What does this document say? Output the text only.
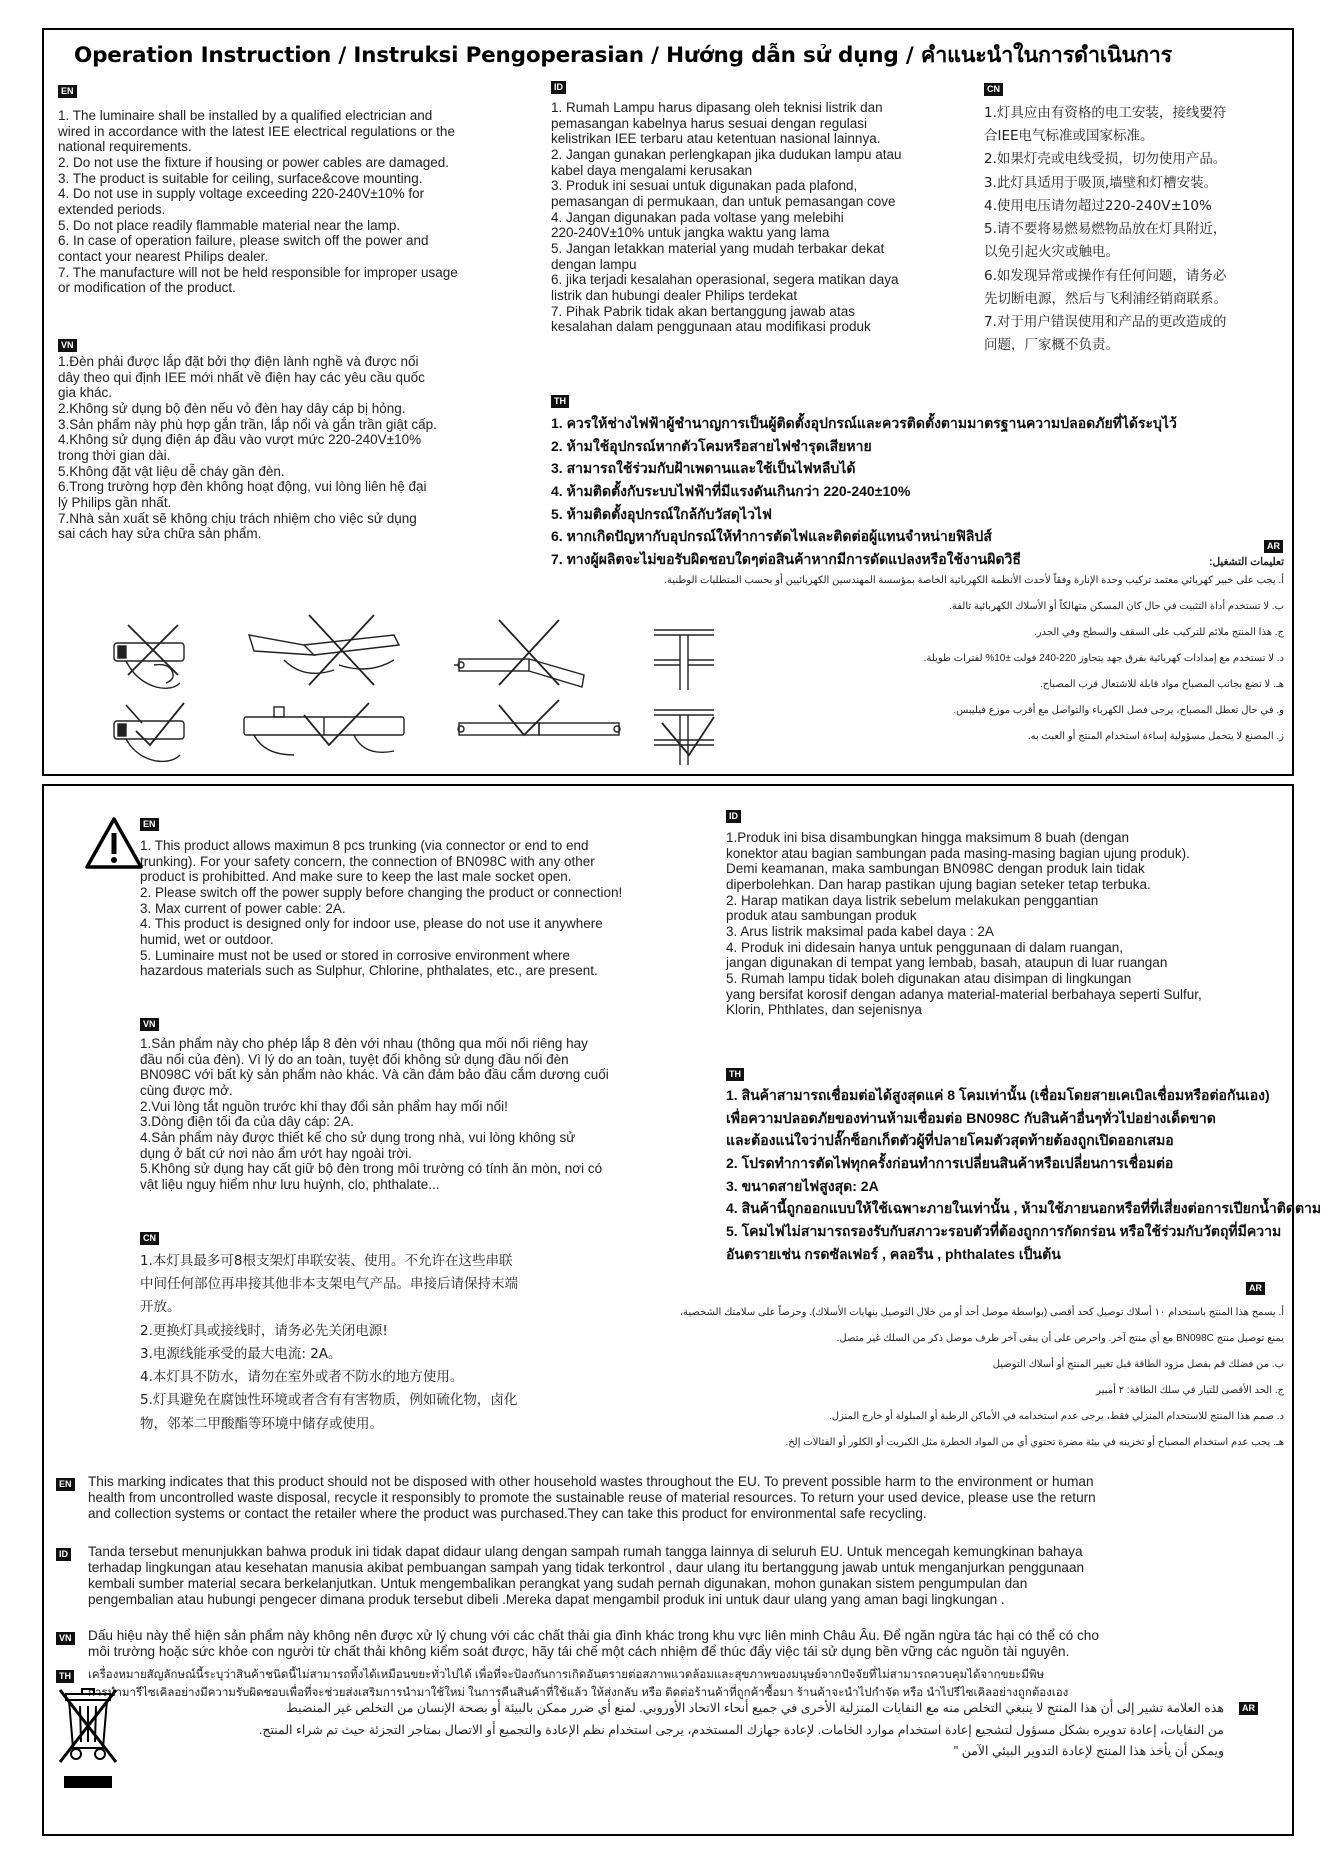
Operation Instruction / Instruksi Pengoperasian / Hướng dẫn sử dụng / คำแนะนำในการดำเนินการ
EN

1. The luminaire shall be installed by a qualified electrician and

wired in accordance with the latest IEE electrical regulations or the

national requirements.

2. Do not use the fixture if housing or power cables are damaged.

3. The product is suitable for ceiling, surface&cove mounting.

4. Do not use in supply voltage exceeding 220-240V±10% for

extended periods.

5. Do not place readily flammable material near the lamp.

6. In case of operation failure, please switch off the power and

contact your nearest Philips dealer.

7. The manufacture will not be held responsible for improper usage

or modification of the product.

VN

1.Đèn phải được lắp đặt bởi thợ điện lành nghề và được nối

dây theo qui định IEE mới nhất về điện hay các yêu cầu quốc

gia khác.

2.Không sử dụng bộ đèn nếu vỏ đèn hay dây cáp bị hỏng.

3.Sản phẩm này phù hợp gắn trần, lắp nổi và gắn trần giật cấp.

4.Không sử dụng điện áp đầu vào vượt mức 220-240V±10%

trong thời gian dài.

5.Không đặt vật liệu dễ cháy gần đèn.

6.Trong trường hợp đèn không hoạt động, vui lòng liên hệ đại

lý Philips gần nhất.

7.Nhà sản xuất sẽ không chịu trách nhiệm cho việc sử dụng

sai cách hay sửa chữa sản phẩm.

ID

1. Rumah Lampu harus dipasang oleh teknisi listrik dan

pemasangan kabelnya harus sesuai dengan regulasi

kelistrikan IEE terbaru atau ketentuan nasional lainnya.

2. Jangan gunakan perlengkapan jika dudukan lampu atau

kabel daya mengalami kerusakan

3. Produk ini sesuai untuk digunakan pada plafond,

pemasangan di permukaan, dan untuk pemasangan cove

4. Jangan digunakan pada voltase yang melebihi

220-240V±10% untuk jangka waktu yang lama

5. Jangan letakkan material yang mudah terbakar dekat

dengan lampu

6. jika terjadi kesalahan operasional, segera matikan daya

listrik dan hubungi dealer Philips terdekat

7. Pihak Pabrik tidak akan bertanggung jawab atas

kesalahan dalam penggunaan atau modifikasi produk

CN

1.灯具应由有资格的电工安装，接线要符

合IEE电气标准或国家标准。

2.如果灯壳或电线受损，切勿使用产品。

3.此灯具适用于吸顶,墙壁和灯槽安装。

4.使用电压请勿超过220-240V±10%

5.请不要将易燃易燃物品放在灯具附近，

以免引起火灾或触电。

6.如发现异常或操作有任何问题，请务必

先切断电源，然后与飞利浦经销商联系。

7.对于用户错误使用和产品的更改造成的

问题，厂家概不负责。

TH

1. ควรให้ช่างไฟฟ้าผู้ชำนาญการเป็นผู้ติดตั้งอุปกรณ์และควรติดตั้งตามมาตรฐานความปลอดภัยที่ได้ระบุไว้

2. ห้ามใช้อุปกรณ์หากตัวโคมหรือสายไฟชำรุดเสียหาย

3. สามารถใช้ร่วมกับฝ้าเพดานและใช้เป็นไฟหลืบได้

4. ห้ามติดตั้งกับระบบไฟฟ้าที่มีแรงดันเกินกว่า 220-240±10%

5. ห้ามติดตั้งอุปกรณ์ใกล้กับวัสดุไวไฟ

6. หากเกิดปัญหากับอุปกรณ์ให้ทำการตัดไฟและติดต่อผู้แทนจำหน่ายฟิลิปส์

7. ทางผู้ผลิตจะไม่ขอรับผิดชอบใดๆต่อสินค้าหากมีการดัดแปลงหรือใช้งานผิดวิธี

AR
تعليمات التشغيل:

أ. يجب على خبير كهربائي معتمد تركيب وحدة الإنارة وفقاً لأحدث الأنظمة الكهربائية الخاصة بمؤسسة المهندسين الكهربائيين أو بحسب المتطلبات الوطنية.

ب. لا تستخدم أداة التثبيت في حال كان المسكن متهالكاً أو الأسلاك الكهربائية تالفة.

ج. هذا المنتج ملائم للتركيب على السقف والسطح وفي الجدر.

د. لا تستخدم مع إمدادات كهربائية بفرق جهد يتجاوز 220-240 فولت ±10% لفترات طويلة.

هـ. لا تضع بجانب المصباح مواد قابلة للاشتعال قرب المصباح.

و. في حال تعطل المصباح، يرجى فصل الكهرباء والتواصل مع أقرب موزع فيليبس.

ز. المصنع لا يتحمل مسؤولية إساءة استخدام المنتج أو العبث به.

EN

1. This product allows maximun 8 pcs trunking (via connector or end to end

trunking). For your safety concern, the connection of BN098C with any other

product is prohibitted. And make sure to keep the last male socket open.

2. Please switch off the power supply before changing the product or connection!

3. Max current of power cable: 2A.

4. This product is designed only for indoor use, please do not use it anywhere

humid, wet or outdoor.

5. Luminaire must not be used or stored in corrosive environment where

hazardous materials such as Sulphur, Chlorine, phthalates, etc., are present.

VN

1.Sản phẩm này cho phép lắp 8 đèn với nhau (thông qua mối nối riêng hay

đầu nối của đèn). Vì lý do an toàn, tuyệt đối không sử dụng đầu nối đèn

BN098C với bất kỳ sản phẩm nào khác. Và cần đảm bảo đầu cắm dương cuối

cùng được mở.

2.Vui lòng tắt nguồn trước khi thay đổi sản phẩm hay mối nối!

3.Dòng điện tối đa của dây cáp: 2A.

4.Sản phẩm này được thiết kế cho sử dụng trong nhà, vui lòng không sử

dụng ở bất cứ nơi nào ẩm ướt hay ngoài trời.

5.Không sử dụng hay cất giữ bộ đèn trong môi trường có tính ăn mòn, nơi có

vật liệu nguy hiểm như lưu huỳnh, clo, phthalate...

CN

1.本灯具最多可8根支架灯串联安装、使用。不允许在这些串联

中间任何部位再串接其他非本支架电气产品。串接后请保持末端

开放。

2.更换灯具或接线时，请务必先关闭电源!

3.电源线能承受的最大电流: 2A。

4.本灯具不防水，请勿在室外或者不防水的地方使用。

5.灯具避免在腐蚀性环境或者含有有害物质，例如硫化物，卤化

物，邻苯二甲酸酯等环境中储存或使用。

ID

1.Produk ini bisa disambungkan hingga maksimum 8 buah (dengan

konektor atau bagian sambungan pada masing-masing bagian ujung produk).

Demi keamanan, maka sambungan BN098C dengan produk lain tidak

diperbolehkan. Dan harap pastikan ujung bagian seteker tetap terbuka.

2. Harap matikan daya listrik sebelum melakukan penggantian

produk atau sambungan produk

3. Arus listrik maksimal pada kabel daya : 2A

4. Produk ini didesain hanya untuk penggunaan di dalam ruangan,

jangan digunakan di tempat yang lembab, basah, ataupun di luar ruangan

5. Rumah lampu tidak boleh digunakan atau disimpan di lingkungan

yang bersifat korosif dengan adanya material-material berbahaya seperti Sulfur,

Klorin, Phthlates, dan sejenisnya

TH

1. สินค้าสามารถเชื่อมต่อได้สูงสุดแค่ 8 โคมเท่านั้น (เชื่อมโดยสายเคเบิลเชื่อมหรือต่อกันเอง)

เพื่อความปลอดภัยของท่านห้ามเชื่อมต่อ BN098C กับสินค้าอื่นๆทั่วไปอย่างเด็ดขาด

และต้องแน่ใจว่าปลั๊กซ็อกเก็ตตัวผู้ที่ปลายโคมตัวสุดท้ายต้องถูกเปิดออกเสมอ

2. โปรดทำการตัดไฟทุกครั้งก่อนทำการเปลี่ยนสินค้าหรือเปลี่ยนการเชื่อมต่อ

3. ขนาดสายไฟสูงสุด: 2A

4. สินค้านี้ถูกออกแบบให้ใช้เฉพาะภายในเท่านั้น , ห้ามใช้ภายนอกหรือที่ที่เสี่ยงต่อการเปียกน้ำติดตาม

5. โคมไฟไม่สามารถรองรับกับสภาวะรอบตัวที่ต้องถูกการกัดกร่อน หรือใช้ร่วมกับวัตถุที่มีความ

อันตรายเช่น กรดซัลเฟอร์ , คลอรีน , phthalates เป็นต้น

AR

أ. يسمح هذا المنتج باستخدام ١٠ أسلاك توصيل كحد أقصى (بواسطة موصل أحد أو من خلال التوصيل بنهايات الأسلاك). وحرصاً على سلامتك الشخصية،

يمنع توصيل منتج BN098C مع أي منتج آخر. واحرص على أن يبقى آخر طرف موصل ذكر من السلك غير متصل.

ب. من فضلك قم بفصل مزود الطاقة قبل تغيير المنتج أو أسلاك التوصيل

ج. الحد الأقصى للتيار في سلك الطاقة: ٢ أمبير

د. صمم هذا المنتج للاستخدام المنزلي فقط، يرجى عدم استخدامه في الأماكن الرطبة أو المبلولة أو خارج المنزل.

هـ. يجب عدم استخدام المصباح أو تخزينه في بيئة مضرة تحتوي أي من المواد الخطرة مثل الكبريت أو الكلور أو الفثالات إلخ.

EN This marking indicates that this product should not be disposed with other household wastes throughout the EU. To prevent possible harm to the environment or human

health from uncontrolled waste disposal, recycle it responsibly to promote the sustainable reuse of material resources. To return your used device, please use the return

and collection systems or contact the retailer where the product was purchased.They can take this product for environmental safe recycling.

ID Tanda tersebut menunjukkan bahwa produk ini tidak dapat didaur ulang dengan sampah rumah tangga lainnya di seluruh EU. Untuk mencegah kemungkinan bahaya

terhadap lingkungan atau kesehatan manusia akibat pembuangan sampah yang tidak terkontrol , daur ulang itu bertanggung jawab untuk menganjurkan penggunaan

kembali sumber material secara berkelanjutkan. Untuk mengembalikan perangkat yang sudah pernah digunakan, mohon gunakan sistem pengumpulan dan

pengembalian atau hubungi pengecer dimana produk tersebut dibeli .Mereka dapat mengambil produk ini untuk daur ulang yang aman bagi lingkungan .

VN Dấu hiệu này thể hiện sản phẩm này không nên được xử lý chung với các chất thải gia đình khác trong khu vực liên minh Châu Âu. Để ngăn ngừa tác hại có thể có cho

môi trường hoặc sức khỏe con người từ chất thải không kiểm soát được, hãy tái chế một cách nhiệm để thúc đẩy việc tái sử dụng bền vững các nguồn tài nguyên.

TH เครื่องหมายสัญลักษณ์นี้ระบุว่าสินค้าชนิดนี้ไม่สามารถทิ้งได้เหมือนขยะทั่วไปได้ เพื่อที่จะป้องกันการเกิดอันตรายต่อสภาพแวดล้อมและสุขภาพของมนุษย์จากปัจจัยที่ไม่สามารถควบคุมได้จากขยะมีพิษ

การนำมารีไซเคิลอย่างมีความรับผิดชอบเพื่อที่จะช่วยส่งเสริมการนำมาใช้ใหม่ ในการคืนสินค้าที่ใช้แล้ว ให้ส่งกลับ หรือ ติดต่อร้านค้าที่ถูกค้าซื้อมา ร้านค้าจะนำไปกำจัด หรือ นำไปรีไซเคิลอย่างถูกต้องเอง

AR

هذه العلامة تشير إلى أن هذا المنتج لا ينبغي التخلص منه مع النفايات المنزلية الأخرى في جميع أنحاء الاتحاد الأوروبي. لمنع أي ضرر ممكن بالبيئة أو بصحة الإنسان من التخلص غير المنضبط

من النفايات، إعادة تدويره بشكل مسؤول لتشجيع إعادة استخدام موارد الخامات. لإعادة جهازك المستخدم، يرجى استخدام نظم الإعادة والتجميع أو الاتصال بمتاجر التجزئة حيث تم شراء المنتج.

ويمكن أن يأخذ هذا المنتج لإعادة التدوير البيئي الآمن "
